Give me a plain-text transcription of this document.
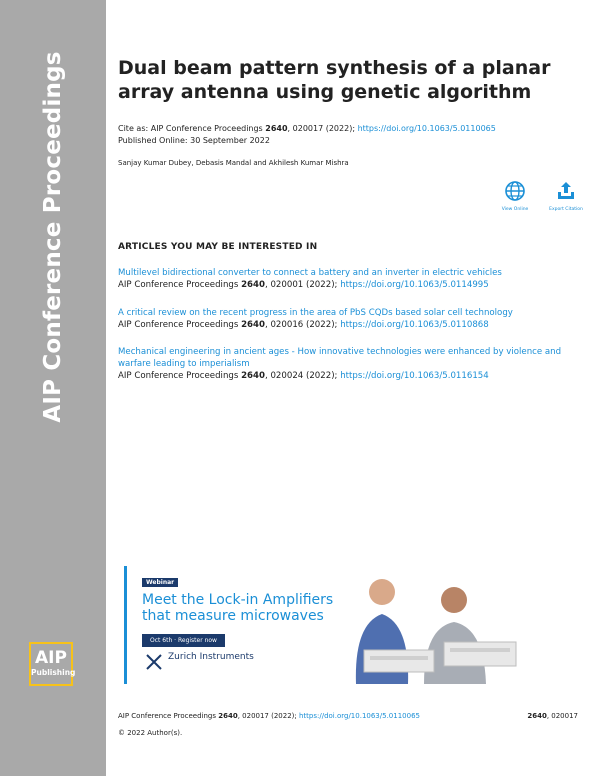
AIP Conference Proceedings
AIP
Publishing
Dual beam pattern synthesis of a planar array antenna using genetic algorithm
Cite as: AIP Conference Proceedings 2640, 020017 (2022); https://doi.org/10.1063/5.0110065
Published Online: 30 September 2022
Sanjay Kumar Dubey, Debasis Mandal and Akhilesh Kumar Mishra
View Online	Export Citation
ARTICLES YOU MAY BE INTERESTED IN
Multilevel bidirectional converter to connect a battery and an inverter in electric vehicles
AIP Conference Proceedings 2640, 020001 (2022); https://doi.org/10.1063/5.0114995
A critical review on the recent progress in the area of PbS CQDs based solar cell technology
AIP Conference Proceedings 2640, 020016 (2022); https://doi.org/10.1063/5.0110868
Mechanical engineering in ancient ages - How innovative technologies were enhanced by violence and warfare leading to imperialism
AIP Conference Proceedings 2640, 020024 (2022); https://doi.org/10.1063/5.0116154
Webinar
Meet the Lock-in Amplifiers that measure microwaves
Oct 6th · Register now
Zurich Instruments
AIP Conference Proceedings 2640, 020017 (2022); https://doi.org/10.1063/5.0110065	2640, 020017
© 2022 Author(s).
